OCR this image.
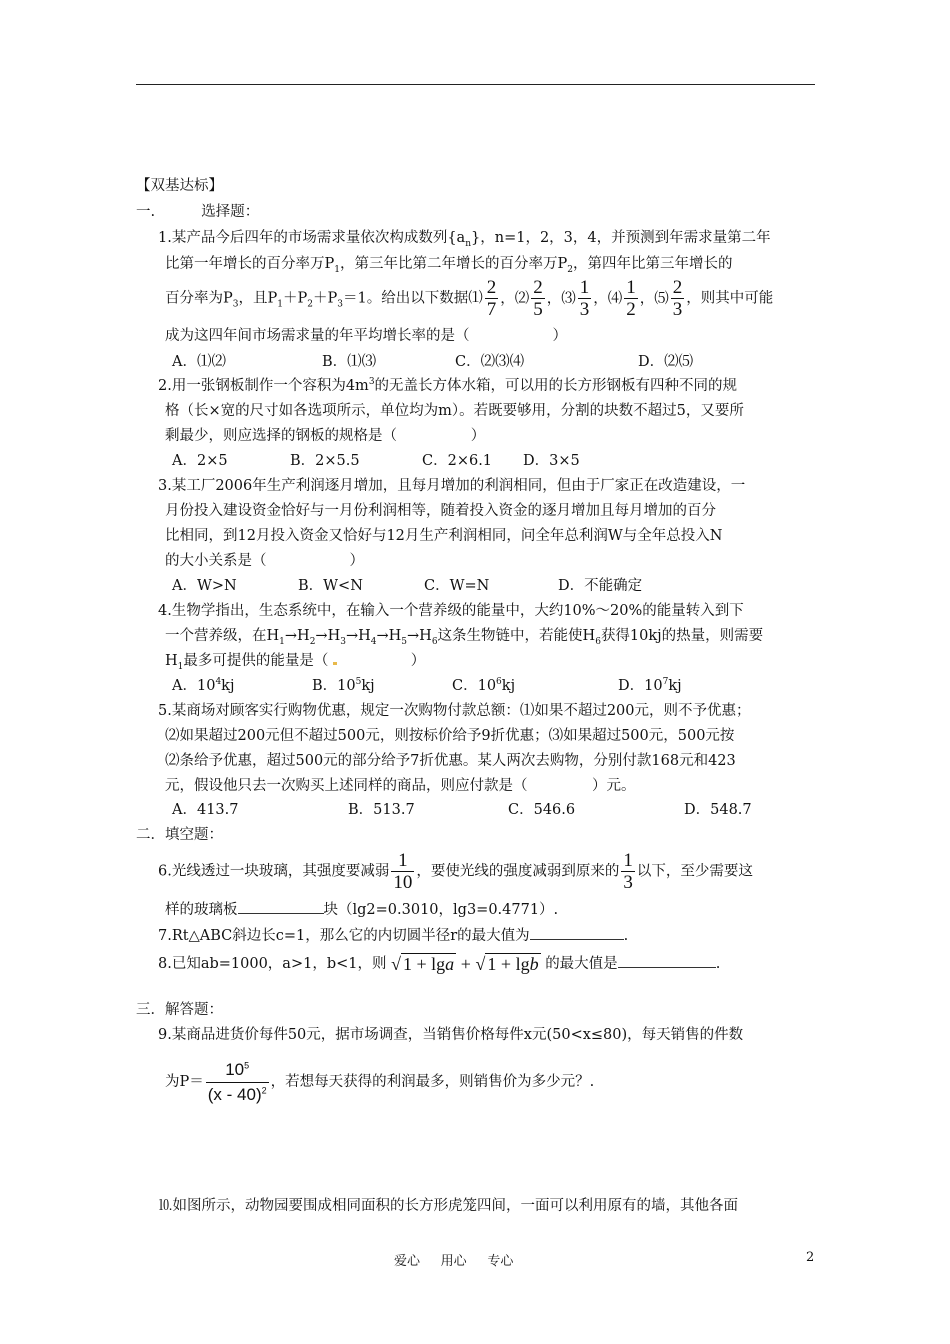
【双基达标】
一.          选择题：
1.某产品今后四年的市场需求量依次构成数列$\{a_n\}$，n=1，2，3，4，并预测到年需求量第二年
比第一年增长的百分率万$P_1$，第三年比第二年增长的百分率万$P_2$，第四年比第三年增长的
百分率为$P_3$，且$P_1+P_2+P_3=1$。给出以下数据⑴ $\frac{2}{7}$ ，⑵ $\frac{2}{5}$ ，⑶ $\frac{1}{3}$ ，⑷ $\frac{1}{2}$ ，⑸ $\frac{2}{3}$ ，则其中可能
成为这四年间市场需求量的年平均增长率的是（                  ）
A．⑴⑵	B．⑴⑶	C．⑵⑶⑷	D．⑵⑸
2.用一张钢板制作一个容积为$4m^3$的无盖长方体水箱，可以用的长方形钢板有四种不同的规
格（长×宽的尺寸如各选项所示，单位均为m）。若既要够用，分割的块数不超过5，又要所
剩最少，则应选择的钢板的规格是（                ）
A．2×5	B．2×5.5	C．2×6.1 D．3×5
3.某工厂2006年生产利润逐月增加，且每月增加的利润相同，但由于厂家正在改造建设，一
月份投入建设资金恰好与一月份利润相等，随着投入资金的逐月增加且每月增加的百分
比相同，到12月投入资金又恰好与12月生产利润相同，问全年总利润W与全年总投入N
的大小关系是（                  ）
A．W>N	B．W<N	C．W=N	D．不能确定
4.生物学指出，生态系统中，在输入一个营养级的能量中，大约10%～20%的能量转入到下
一个营养级，在$H_1\to H_2\to H_3\to H_4\to H_5\to H_6$这条生物链中，若能使$H_6$获得10kj的热量，则需要
$H_1$最多可提供的能量是（                 ）
A．$10^4kj$	B．$10^5kj$	C．$10^6kj$	D．$10^7kj$
5.某商场对顾客实行购物优惠，规定一次购物付款总额：⑴如果不超过200元，则不予优惠；
⑵如果超过200元但不超过500元，则按标价给予9折优惠；⑶如果超过500元，500元按
⑵条给予优惠，超过500元的部分给予7折优惠。某人两次去购物，分别付款168元和423
元，假设他只去一次购买上述同样的商品，则应付款是（              ）元。
A．413.7	B．513.7	C．546.6	D．548.7
二．填空题：
6.光线透过一块玻璃，其强度要减弱 $\frac{1}{10}$ ，要使光线的强度减弱到原来的 $\frac{1}{3}$ 以下，至少需要这
样的玻璃板	块（lg2=0.3010，lg3=0.4771）.
7.Rt△ABC斜边长c=1，那么它的内切圆半径r的最大值为	.
8.已知ab=1000，a>1，b<1，则 √ 1 + lga + √ 1 + lgb 的最大值是	.
三．解答题：
9.某商品进货价每件50元，据市场调查，当销售价格每件x元(50<x≤80)，每天销售的件数
为$P= \frac{10^5}{(x - 40)^2}$ ，若想每天获得的利润最多，则销售价为多少元？.
⒑如图所示，动物园要围成相同面积的长方形虎笼四间，一面可以利用原有的墙，其他各面
爱心     用心     专心	2
